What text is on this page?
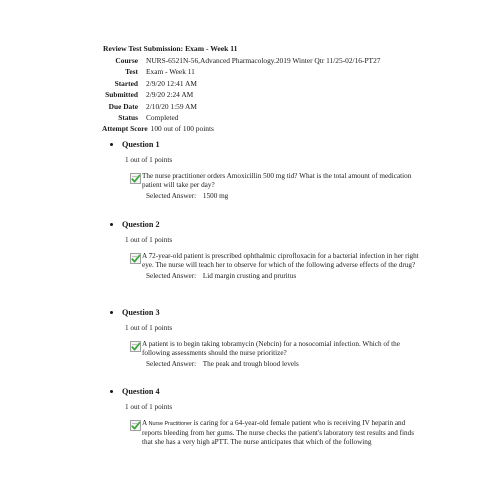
Review Test Submission: Exam - Week 11
Course	NURS-6521N-56,Advanced Pharmacology.2019 Winter Qtr 11/25-02/16-PT27
Test	Exam - Week 11
Started	2/9/20 12:41 AM
Submitted	2/9/20 2:24 AM
Due Date	2/10/20 1:59 AM
Status	Completed
Attempt Score 100 out of 100 points
Question 1
1 out of 1 points
The nurse practitioner orders Amoxicillin 500 mg tid? What is the total amount of medication patient will take per day?
Selected Answer: 1500 mg
Question 2
1 out of 1 points
A 72-year-old patient is prescribed ophthalmic ciprofloxacin for a bacterial infection in her right eye. The nurse will teach her to observe for which of the following adverse effects of the drug?
Selected Answer: Lid margin crusting and pruritus
Question 3
1 out of 1 points
A patient is to begin taking tobramycin (Nebcin) for a nosocomial infection. Which of the following assessments should the nurse prioritize?
Selected Answer: The peak and trough blood levels
Question 4
1 out of 1 points
A Nurse Practitioner is caring for a 64-year-old female patient who is receiving IV heparin and reports bleeding from her gums. The nurse checks the patient's laboratory test results and finds that she has a very high aPTT. The nurse anticipates that which of the following
